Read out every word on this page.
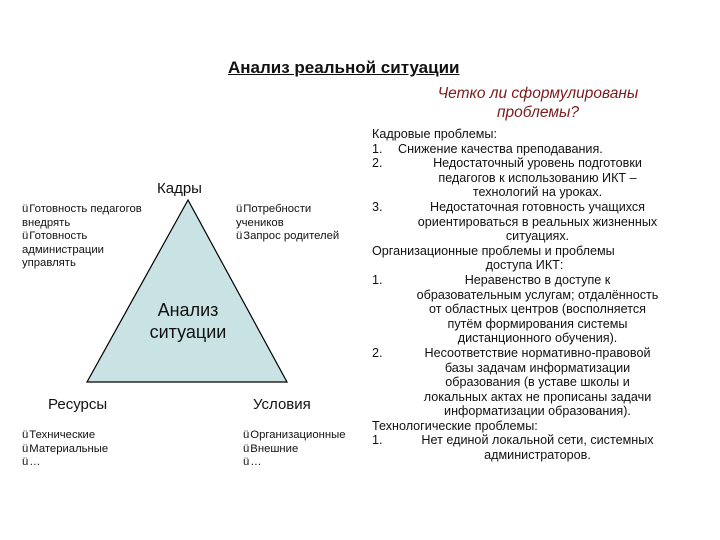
Анализ реальной ситуации
Четко ли сформулированы проблемы?
Кадры
üГотовность педагогов
внедрять
üГотовность
администрации
управлять
üПотребности
учеников
üЗапрос родителей
Анализ
ситуации
Ресурсы	Условия
üТехнические
üМатериальные
ü…
üОрганизационные
üВнешние
ü…
Кадровые проблемы:
1.	Снижение качества преподавания.
2.	Недостаточный уровень подготовки
педагогов к использованию ИКТ –
технологий на уроках.
3.	Недостаточная готовность учащихся
ориентироваться в реальных жизненных
ситуациях.
Организационные проблемы и проблемы
доступа ИКТ:
1.	Неравенство в доступе к
образовательным услугам; отдалённость
от областных центров (восполняется
путём формирования системы
дистанционного обучения).
2.	Несоответствие нормативно-правовой
базы задачам информатизации
образования (в уставе школы и
локальных актах не прописаны задачи
информатизации образования).
Технологические проблемы:
1.	Нет единой локальной сети, системных
администраторов.
